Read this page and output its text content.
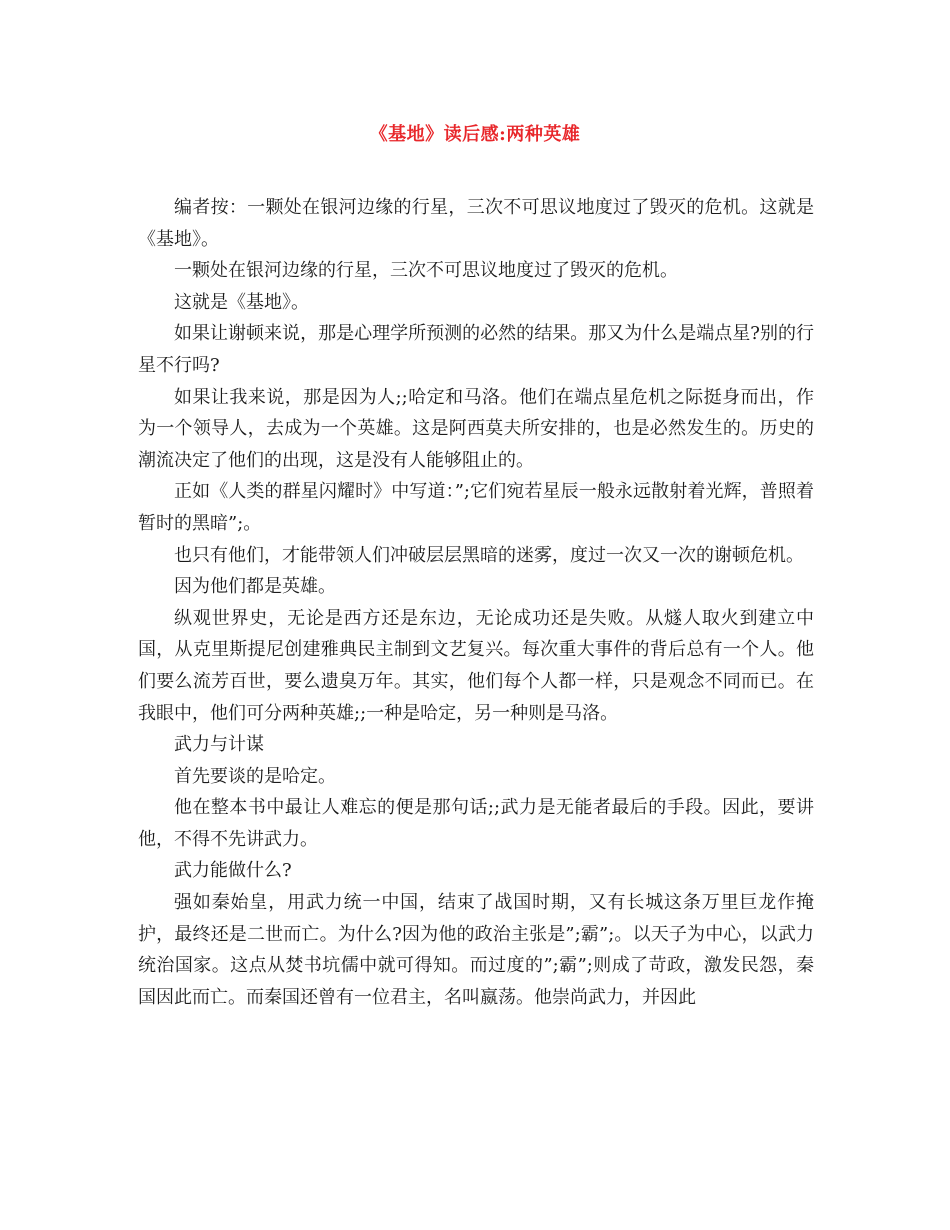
《基地》读后感:两种英雄

编者按：一颗处在银河边缘的行星，三次不可思议地度过了毁灭的危机。这就是《基地》。

一颗处在银河边缘的行星，三次不可思议地度过了毁灭的危机。

这就是《基地》。

如果让谢顿来说，那是心理学所预测的必然的结果。那又为什么是端点星?别的行星不行吗?

如果让我来说，那是因为人;;哈定和马洛。他们在端点星危机之际挺身而出，作为一个领导人，去成为一个英雄。这是阿西莫夫所安排的，也是必然发生的。历史的潮流决定了他们的出现，这是没有人能够阻止的。

正如《人类的群星闪耀时》中写道：”;它们宛若星辰一般永远散射着光辉，普照着暂时的黑暗”;。

也只有他们，才能带领人们冲破层层黑暗的迷雾，度过一次又一次的谢顿危机。

因为他们都是英雄。

纵观世界史，无论是西方还是东边，无论成功还是失败。从燧人取火到建立中国，从克里斯提尼创建雅典民主制到文艺复兴。每次重大事件的背后总有一个人。他们要么流芳百世，要么遗臭万年。其实，他们每个人都一样，只是观念不同而已。在我眼中，他们可分两种英雄;;一种是哈定，另一种则是马洛。

武力与计谋

首先要谈的是哈定。

他在整本书中最让人难忘的便是那句话;;武力是无能者最后的手段。因此，要讲他，不得不先讲武力。

武力能做什么?

强如秦始皇，用武力统一中国，结束了战国时期，又有长城这条万里巨龙作掩护，最终还是二世而亡。为什么?因为他的政治主张是”;霸”;。以天子为中心，以武力统治国家。这点从焚书坑儒中就可得知。而过度的”;霸”;则成了苛政，激发民怨，秦国因此而亡。而秦国还曾有一位君主，名叫嬴荡。他崇尚武力，并因此
